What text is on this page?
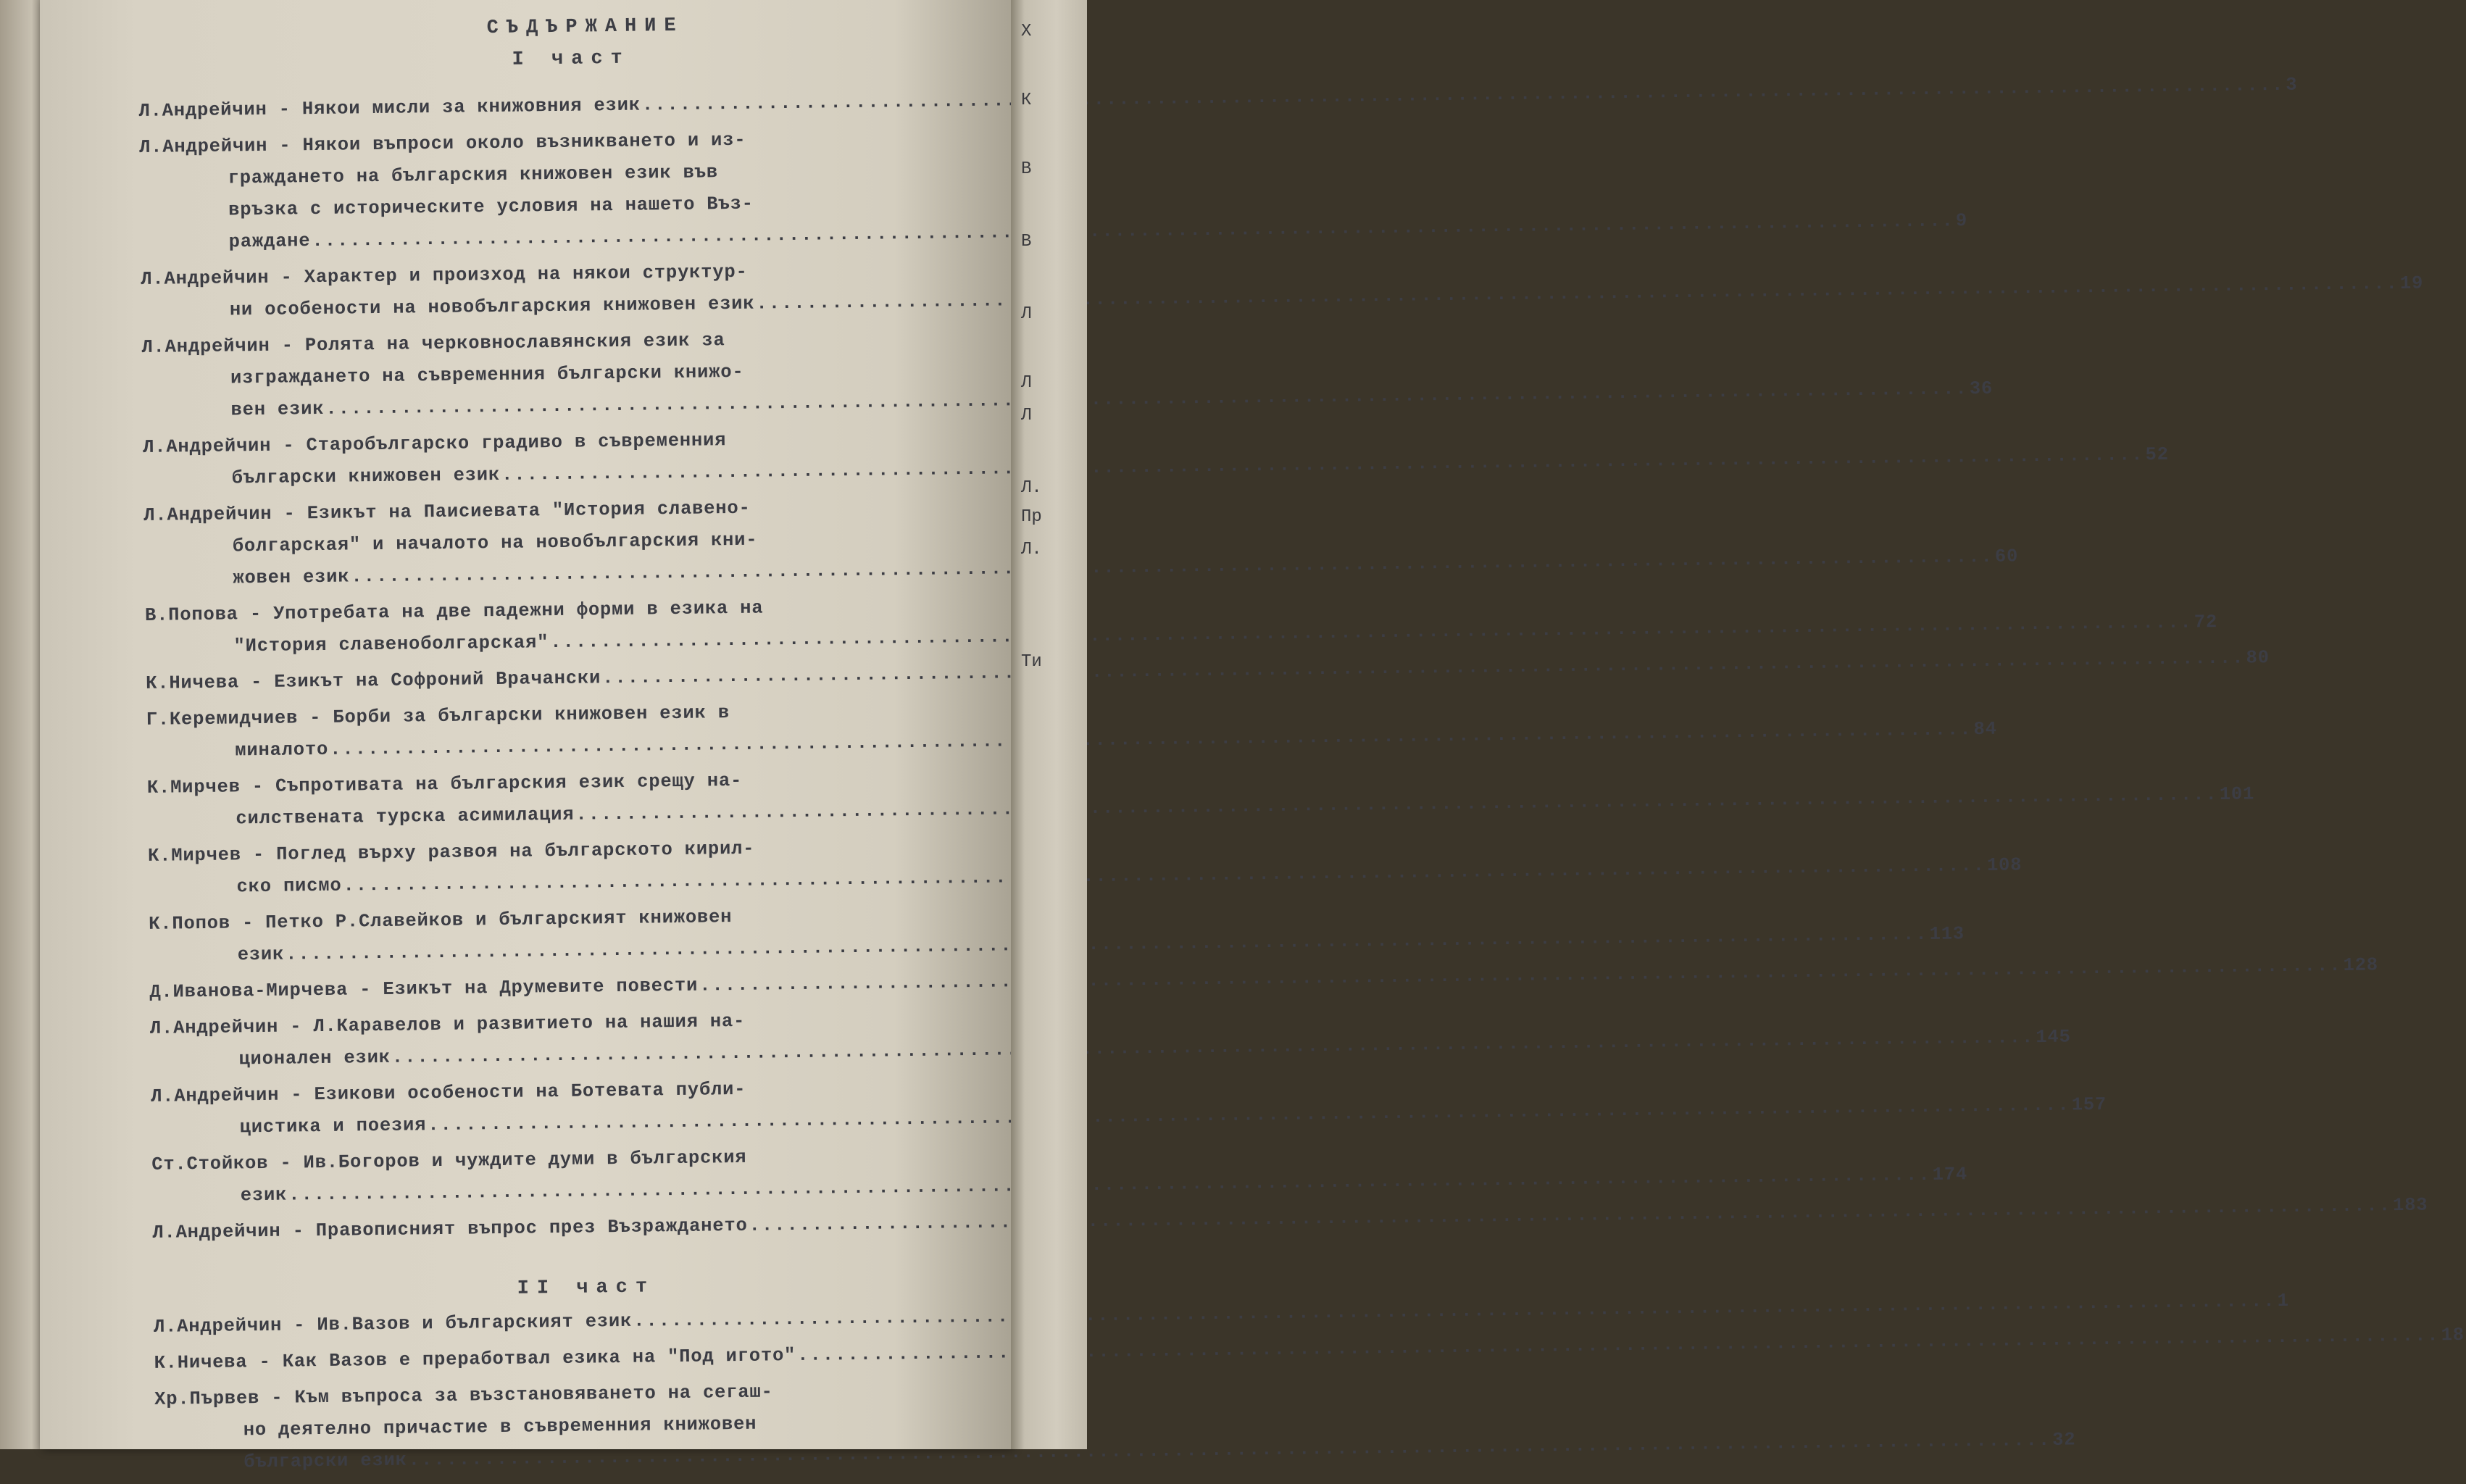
СЪДЪРЖАНИЕ
I част
Л.Андрейчин - Някои мисли за книжовния език
.....
3
Л.Андрейчин - Някои въпроси около възникването и из-
граждането на българския книжовен език във
връзка с историческите условия на нашето Въз-
раждане
.....
9
Л.Андрейчин - Характер и произход на някои структур-
ни особености на новобългарския книжовен език
.....
19
Л.Андрейчин - Ролята на черковнославянския език за
изграждането на съвременния български книжо-
вен език
.....
36
Л.Андрейчин - Старобългарско градиво в съвременния
български книжовен език
.....
52
Л.Андрейчин - Езикът на Паисиевата "История славено-
болгарская" и началото на новобългарския кни-
жовен език
.....
60
В.Попова - Употребата на две падежни форми в езика на
"История славеноболгарская"
.....
72
К.Ничева - Езикът на Софроний Врачански
.....
80
Г.Керемидчиев - Борби за български книжовен език в
миналото
.....
84
К.Мирчев - Съпротивата на българския език срещу на-
силствената турска асимилация
.....
101
К.Мирчев - Поглед върху развоя на българското кирил-
ско писмо
.....
108
К.Попов - Петко Р.Славейков и българският книжовен
език
.....
113
Д.Иванова-Мирчева - Езикът на Друмевите повести
.....
128
Л.Андрейчин - Л.Каравелов и развитието на нашия на-
ционален език
.....
145
Л.Андрейчин - Езикови особености на Ботевата публи-
цистика и поезия
.....
157
Ст.Стойков - Ив.Богоров и чуждите думи в българския
език
.....
174
Л.Андрейчин - Правописният въпрос през Възраждането
.....
183
II част
Л.Андрейчин - Ив.Вазов и българският език
.....
1
К.Ничева - Как Вазов е преработвал езика на "Под игото"
.....
18
Хр.Първев - Към въпроса за възстановяването на сегаш-
но деятелно причастие в съвременния книжовен
български език
.....
32
Х
К
В
В
Л
Л
Л
Л.
Пр
Л.
Ти
